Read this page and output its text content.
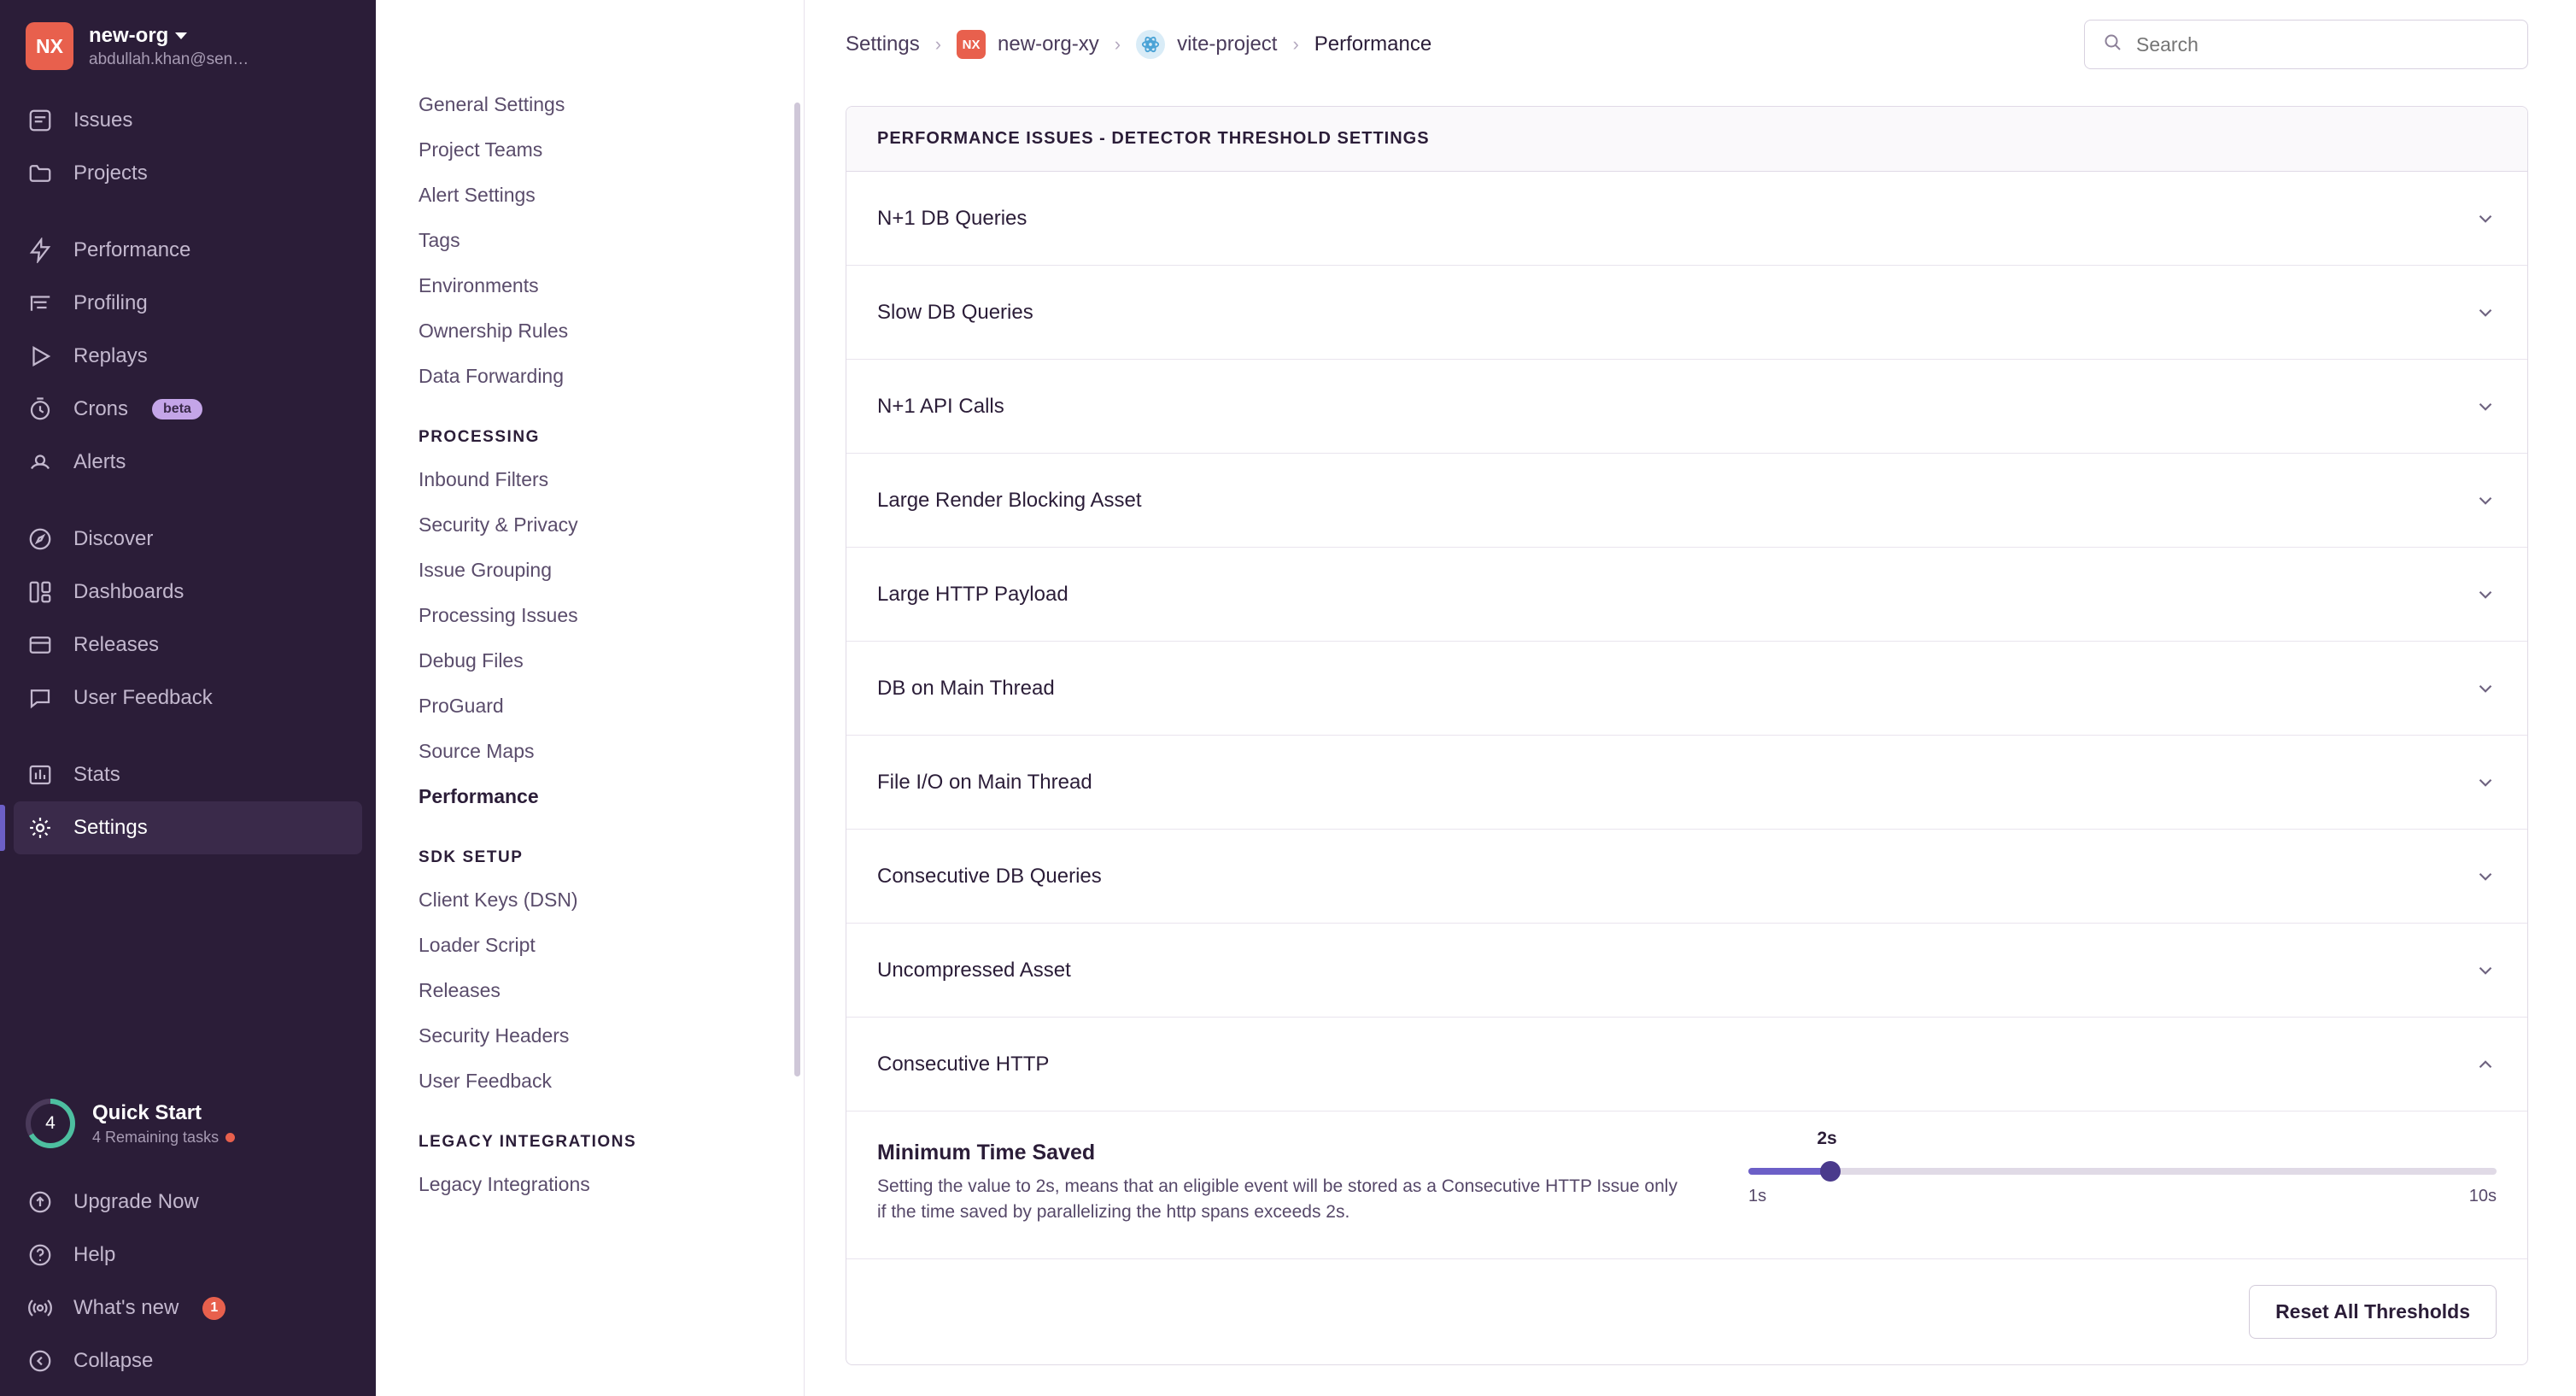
NX	new-org
abdullah.khan@sen…
Issues
Projects
Performance
Profiling
Replays
Crons	beta
Alerts
Discover
Dashboards
Releases
User Feedback
Stats
Settings
4	Quick Start
4 Remaining tasks
Upgrade Now
Help
What's new	1
Collapse
General Settings
Project Teams
Alert Settings
Tags
Environments
Ownership Rules
Data Forwarding
PROCESSING
Inbound Filters
Security & Privacy
Issue Grouping
Processing Issues
Debug Files
ProGuard
Source Maps
Performance
SDK SETUP
Client Keys (DSN)
Loader Script
Releases
Security Headers
User Feedback
LEGACY INTEGRATIONS
Legacy Integrations
Settings ›	NX new-org-xy ›	vite-project › Performance
Search
PERFORMANCE ISSUES - DETECTOR THRESHOLD SETTINGS
N+1 DB Queries
Slow DB Queries
N+1 API Calls
Large Render Blocking Asset
Large HTTP Payload
DB on Main Thread
File I/O on Main Thread
Consecutive DB Queries
Uncompressed Asset
Consecutive HTTP
Minimum Time Saved
Setting the value to 2s, means that an eligible event will be stored as a Consecutive HTTP Issue only if the time saved by parallelizing the http spans exceeds 2s.
2s
1s	10s
Reset All Thresholds
